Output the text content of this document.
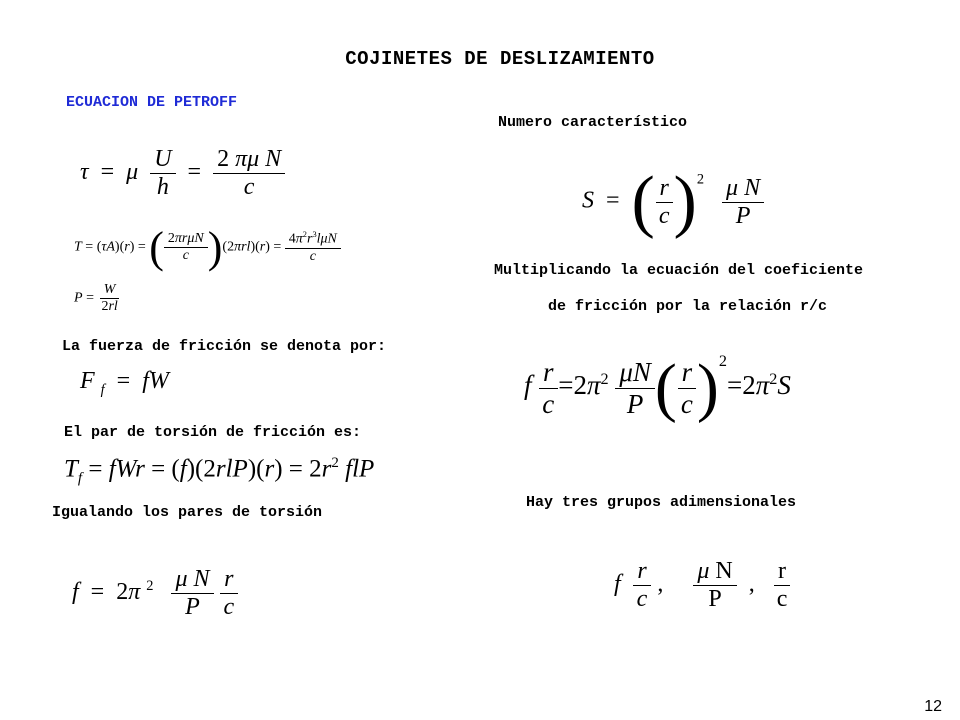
COJINETES DE DESLIZAMIENTO
ECUACION DE PETROFF
τ  =  μ $\frac{U}{h} = \frac{\text{2 πμ N}}{c}$
T = (τA)(r) = ( $\frac{\text{2πrμN}}{c} )(2\pi rl)(r) = \frac{4\pi^2r^3l\mu N}{c}$
$P = \frac{W}{2rl}$
La fuerza de fricción se denota por:
F $_f$  =  fW
El par de torsión de fricción es:
$T_f$ = fWr = $(f)(2rlP)(r) = 2r^2$ flP
Igualando los pares de torsión
f  =  2π $^2 \frac{\text{μ N}}{P}$
$\frac{r}{c}$
Numero característico
S  =  ( $\frac{r}{c} )^2 \frac{\text{μ N}}{P}$
Multiplicando la ecuación del coeficiente
de fricción por la relación r/c
f $\frac{r}{c} =2\pi^2 \frac{\mu N}{P}$ ( $\frac{r}{c} )^2=2\pi^2S$
Hay tres grupos adimensionales
f $\frac{r}{c}$ , $\frac{\text{μ N}}{P}$ , $\frac{r}{c}$
12
